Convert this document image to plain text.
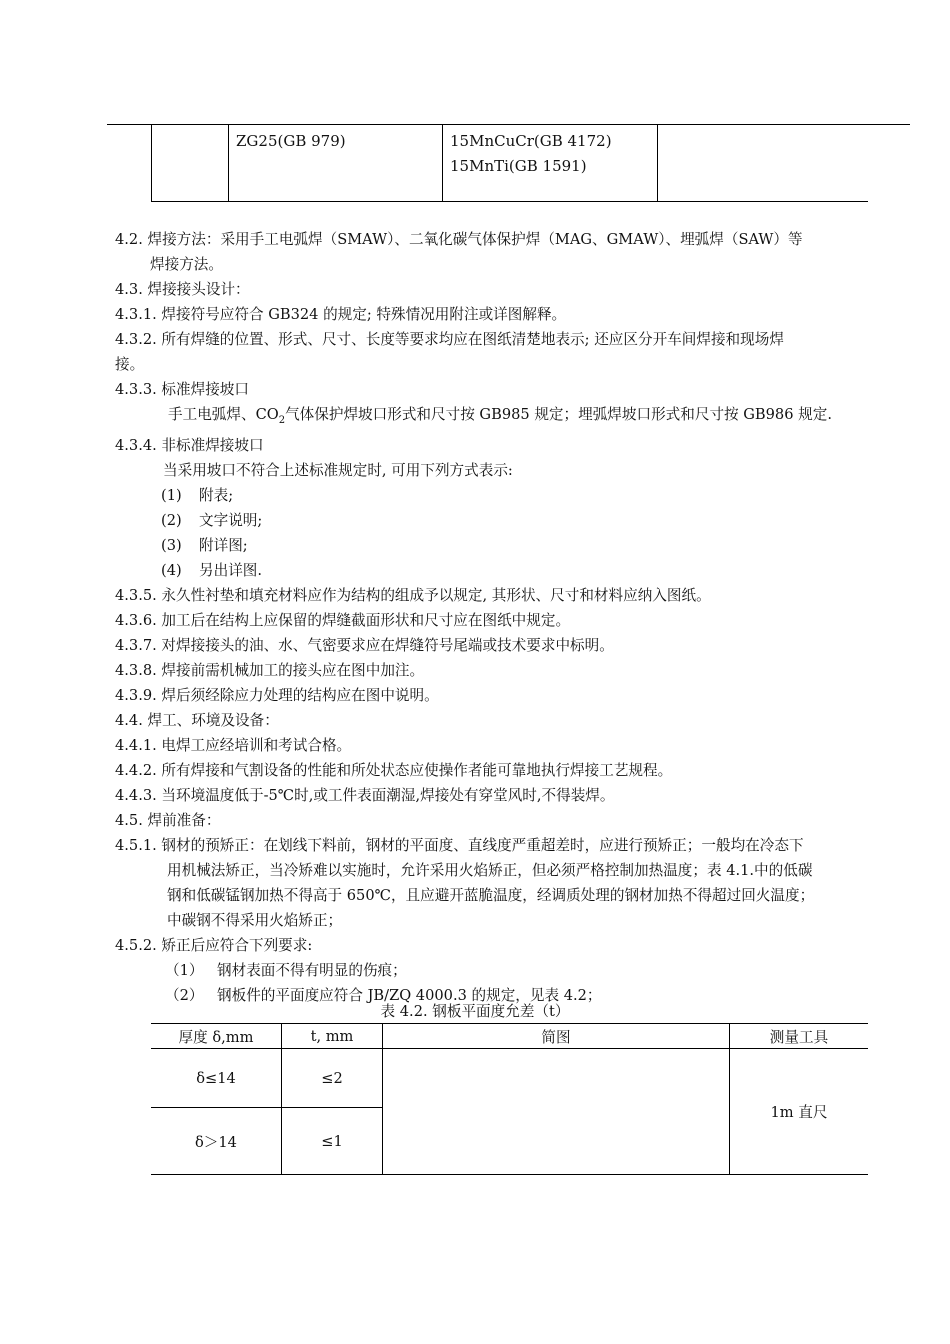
	ZG25(GB 979)	15MnCuCr(GB 4172)
15MnTi(GB 1591)

4.2. 焊接方法：采用手工电弧焊（SMAW）、二氧化碳气体保护焊（MAG、GMAW）、埋弧焊（SAW）等

焊接方法。

4.3. 焊接接头设计：

4.3.1. 焊接符号应符合 GB324 的规定; 特殊情况用附注或详图解释。

4.3.2. 所有焊缝的位置、形式、尺寸、长度等要求均应在图纸清楚地表示; 还应区分开车间焊接和现场焊

接。

4.3.3. 标准焊接坡口

手工电弧焊、$CO_2$气体保护焊坡口形式和尺寸按 GB985 规定；埋弧焊坡口形式和尺寸按 GB986 规定.

4.3.4. 非标准焊接坡口

当采用坡口不符合上述标准规定时, 可用下列方式表示:

(1) 附表;

(2) 文字说明;

(3) 附详图;

(4) 另出详图.

4.3.5. 永久性衬垫和填充材料应作为结构的组成予以规定, 其形状、尺寸和材料应纳入图纸。

4.3.6. 加工后在结构上应保留的焊缝截面形状和尺寸应在图纸中规定。

4.3.7. 对焊接接头的油、水、气密要求应在焊缝符号尾端或技术要求中标明。

4.3.8. 焊接前需机械加工的接头应在图中加注。

4.3.9. 焊后须经除应力处理的结构应在图中说明。

4.4. 焊工、环境及设备：

4.4.1. 电焊工应经培训和考试合格。

4.4.2. 所有焊接和气割设备的性能和所处状态应使操作者能可靠地执行焊接工艺规程。

4.4.3. 当环境温度低于-5℃时,或工件表面潮湿,焊接处有穿堂风时,不得装焊。

4.5. 焊前准备：

4.5.1. 钢材的预矫正：在划线下料前，钢材的平面度、直线度严重超差时，应进行预矫正；一般均在冷态下

用机械法矫正，当冷矫难以实施时，允许采用火焰矫正，但必须严格控制加热温度；表 4.1.中的低碳

钢和低碳锰钢加热不得高于 650℃，且应避开蓝脆温度，经调质处理的钢材加热不得超过回火温度；

中碳钢不得采用火焰矫正；

4.5.2. 矫正后应符合下列要求:

（1） 钢材表面不得有明显的伤痕；

（2） 钢板件的平面度应符合 JB/ZQ 4000.3 的规定，见表 4.2；

表 4.2. 钢板平面度允差（t）
厚度 δ,mm	t, mm	简图	测量工具
δ≤14	≤2		1m 直尺
δ＞14	≤1		
